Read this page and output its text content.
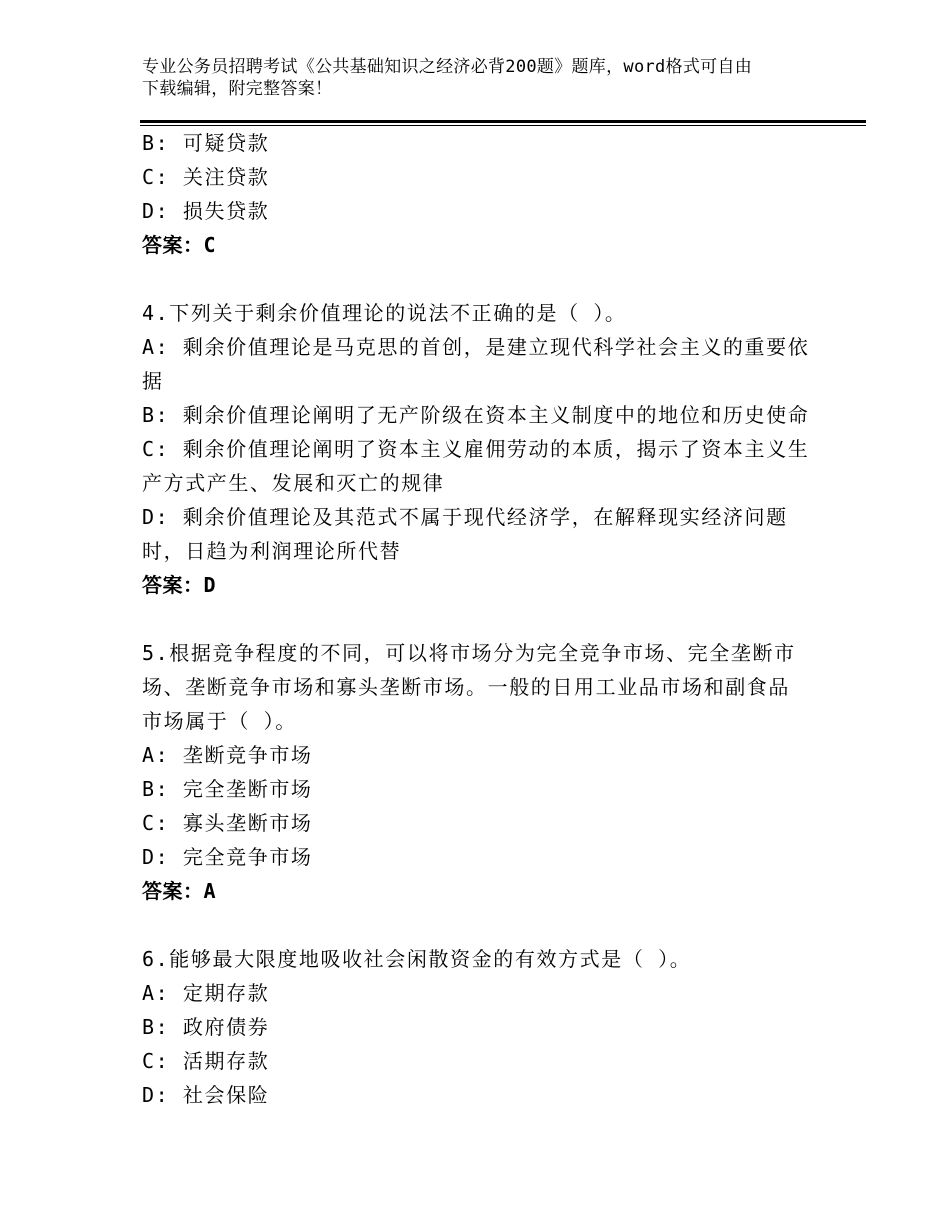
专业公务员招聘考试《公共基础知识之经济必背200题》题库，word格式可自由
下载编辑，附完整答案！
B: 可疑贷款
C: 关注贷款
D: 损失贷款
答案：C
4.下列关于剩余价值理论的说法不正确的是（ ）。
A: 剩余价值理论是马克思的首创，是建立现代科学社会主义的重要依
据
B: 剩余价值理论阐明了无产阶级在资本主义制度中的地位和历史使命
C: 剩余价值理论阐明了资本主义雇佣劳动的本质，揭示了资本主义生
产方式产生、发展和灭亡的规律
D: 剩余价值理论及其范式不属于现代经济学，在解释现实经济问题
时，日趋为利润理论所代替
答案：D
5.根据竞争程度的不同，可以将市场分为完全竞争市场、完全垄断市
场、垄断竞争市场和寡头垄断市场。一般的日用工业品市场和副食品
市场属于（ ）。
A: 垄断竞争市场
B: 完全垄断市场
C: 寡头垄断市场
D: 完全竞争市场
答案：A
6.能够最大限度地吸收社会闲散资金的有效方式是（ ）。
A: 定期存款
B: 政府债券
C: 活期存款
D: 社会保险
